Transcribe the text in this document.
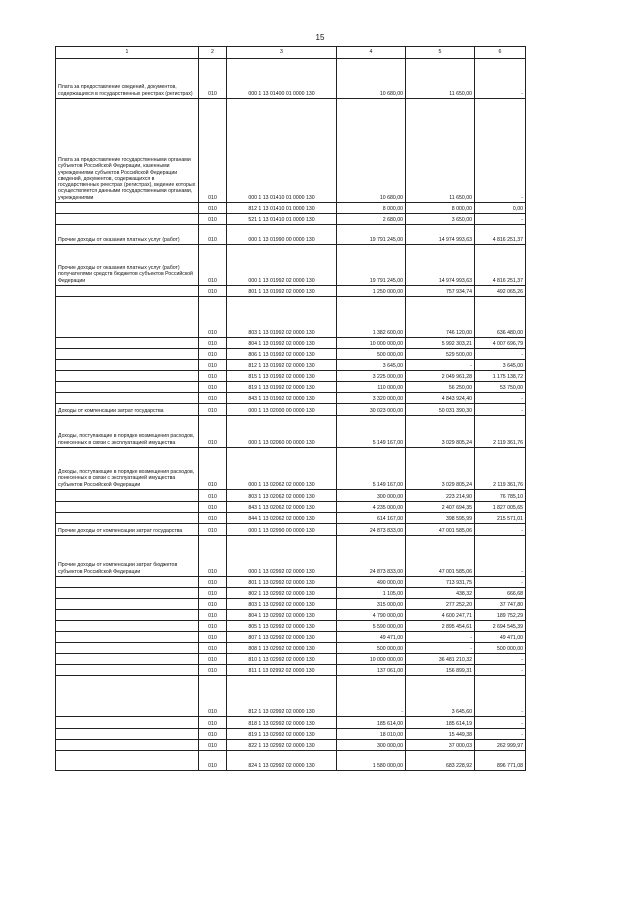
15
1	2	3	4	5	6
Плата за предоставление сведений, документов, содержащихся в государственных реестрах (регистрах)	010	000 1 13 01400 01 0000 130	10 680,00	11 650,00	-
Плата за предоставление государственными органами субъектов Российской Федерации, казенными учреждениями субъектов Российской Федерации сведений, документов, содержащихся в государственных реестрах (регистрах), ведение которых осуществляется данными государственными органами, учреждениями	010	000 1 13 01410 01 0000 130	10 680,00	11 650,00	-
	010	812 1 13 01410 01 0000 130	8 000,00	8 000,00	0,00
	010	521 1 13 01410 01 0000 130	2 680,00	3 650,00	-
Прочие доходы от оказания платных услуг (работ)	010	000 1 13 01990 00 0000 130	19 791 245,00	14 974 993,63	4 816 251,37
Прочие доходы от оказания платных услуг (работ) получателями средств бюджетов субъектов Российской Федерации	010	000 1 13 01992 02 0000 130	19 791 245,00	14 974 993,63	4 816 251,37
	010	801 1 13 01992 02 0000 130	1 250 000,00	757 934,74	492 065,26
	010	803 1 13 01992 02 0000 130	1 382 600,00	746 120,00	636 480,00
	010	804 1 13 01992 02 0000 130	10 000 000,00	5 992 303,21	4 007 696,79
	010	806 1 13 01992 02 0000 130	500 000,00	529 500,00	-
	010	812 1 13 01992 02 0000 130	3 645,00	-	3 645,00
	010	815 1 13 01992 02 0000 130	3 225 000,00	2 049 961,28	1 175 138,72
	010	819 1 13 01992 02 0000 130	110 000,00	56 250,00	53 750,00
	010	843 1 13 01992 02 0000 130	3 320 000,00	4 843 924,40	-
Доходы от компенсации затрат государства	010	000 1 13 02000 00 0000 130	30 023 000,00	50 031 390,30	-
Доходы, поступающие в порядке возмещения расходов, понесенных в связи с эксплуатацией имущества	010	000 1 13 02060 00 0000 130	5 149 167,00	3 029 805,24	2 119 361,76
Доходы, поступающие в порядке возмещения расходов, понесенных в связи с эксплуатацией имущества субъектов Российской Федерации	010	000 1 13 02062 02 0000 130	5 149 167,00	3 029 805,24	2 119 361,76
	010	803 1 13 02062 02 0000 130	300 000,00	223 214,90	76 785,10
	010	843 1 13 02062 02 0000 130	4 235 000,00	2 407 694,35	1 827 005,65
	010	844 1 13 02062 02 0000 130	614 167,00	398 595,99	215 571,01
Прочие доходы от компенсации затрат государства	010	000 1 13 02990 00 0000 130	24 873 833,00	47 001 585,06	-
Прочие доходы от компенсации затрат бюджетов субъектов Российской Федерации	010	000 1 13 02992 02 0000 130	24 873 833,00	47 001 585,06	-
	010	801 1 13 02992 02 0000 130	490 000,00	713 931,75	-
	010	802 1 13 02992 02 0000 130	1 105,00	438,32	666,68
	010	803 1 13 02992 02 0000 130	315 000,00	277 252,20	37 747,80
	010	804 1 13 02992 02 0000 130	4 790 000,00	4 600 247,71	189 752,29
	010	805 1 13 02992 02 0000 130	5 590 000,00	2 895 454,61	2 694 545,39
	010	807 1 13 02992 02 0000 130	49 471,00	-	49 471,00
	010	808 1 13 02992 02 0000 130	500 000,00	-	500 000,00
	010	810 1 13 02992 02 0000 130	10 000 000,00	36 481 210,32	-
	010	811 1 13 02992 02 0000 130	137 061,00	156 899,31	-
	010	812 1 13 02992 02 0000 130	-	3 645,60	-
	010	818 1 13 02992 02 0000 130	185 614,00	185 614,19	-
	010	819 1 13 02992 02 0000 130	18 010,00	15 449,38	-
	010	822 1 13 02992 02 0000 130	300 000,00	37 000,03	262 999,97
	010	824 1 13 02992 02 0000 130	1 580 000,00	683 228,92	896 771,08
